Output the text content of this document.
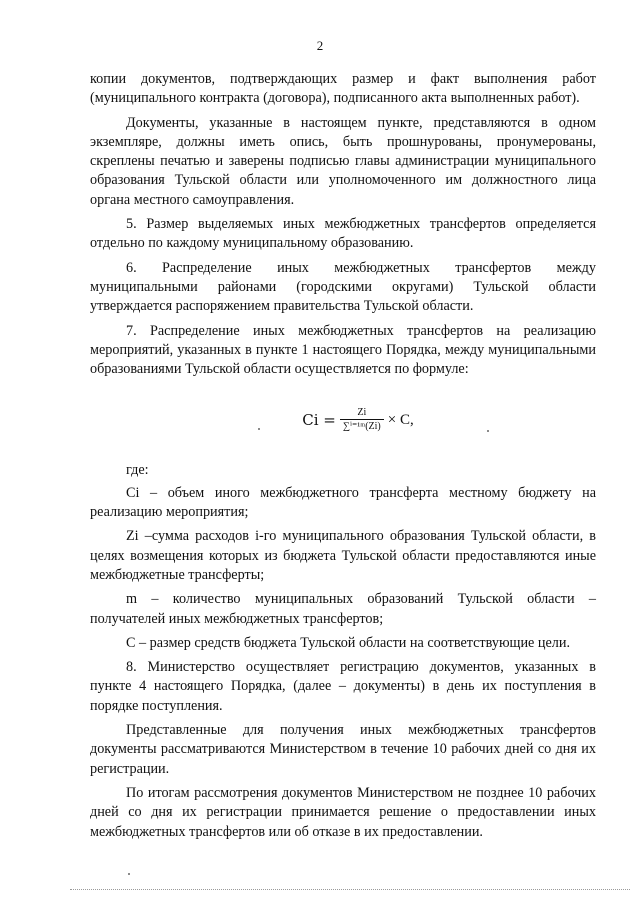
2

копии документов, подтверждающих размер и факт выполнения работ (муниципального контракта (договора), подписанного акта выполненных работ).

Документы, указанные в настоящем пункте, представляются в одном экземпляре, должны иметь опись, быть прошнурованы, пронумерованы, скреплены печатью и заверены подписью главы администрации муниципального образования Тульской области или уполномоченного им должностного лица органа местного самоуправления.

5. Размер выделяемых иных межбюджетных трансфертов определяется отдельно по каждому муниципальному образованию.

6. Распределение иных межбюджетных трансфертов между муниципальными районами (городскими округами) Тульской области утверждается распоряжением правительства Тульской области.

7. Распределение иных межбюджетных трансфертов на реализацию мероприятий, указанных в пункте 1 настоящего Порядка, между муниципальными образованиями Тульской области осуществляется по формуле:

$Ci = \frac{Zi}{\text{∑ⁱ⁼¹ᵐ(Zi)}} \times C$,

где:

Ci – объем иного межбюджетного трансферта местному бюджету на реализацию мероприятия;

Zi –сумма расходов i-го муниципального образования Тульской области, в целях возмещения которых из бюджета Тульской области предоставляются иные межбюджетные трансферты;

m – количество муниципальных образований Тульской области – получателей иных межбюджетных трансфертов;

С – размер средств бюджета Тульской области на соответствующие цели.

8. Министерство осуществляет регистрацию документов, указанных в пункте 4 настоящего Порядка, (далее – документы) в день их поступления в порядке поступления.

Представленные для получения иных межбюджетных трансфертов документы рассматриваются Министерством в течение 10 рабочих дней со дня их регистрации.

По итогам рассмотрения документов Министерством не позднее 10 рабочих дней со дня их регистрации принимается решение о предоставлении иных межбюджетных трансфертов или об отказе в их предоставлении.
